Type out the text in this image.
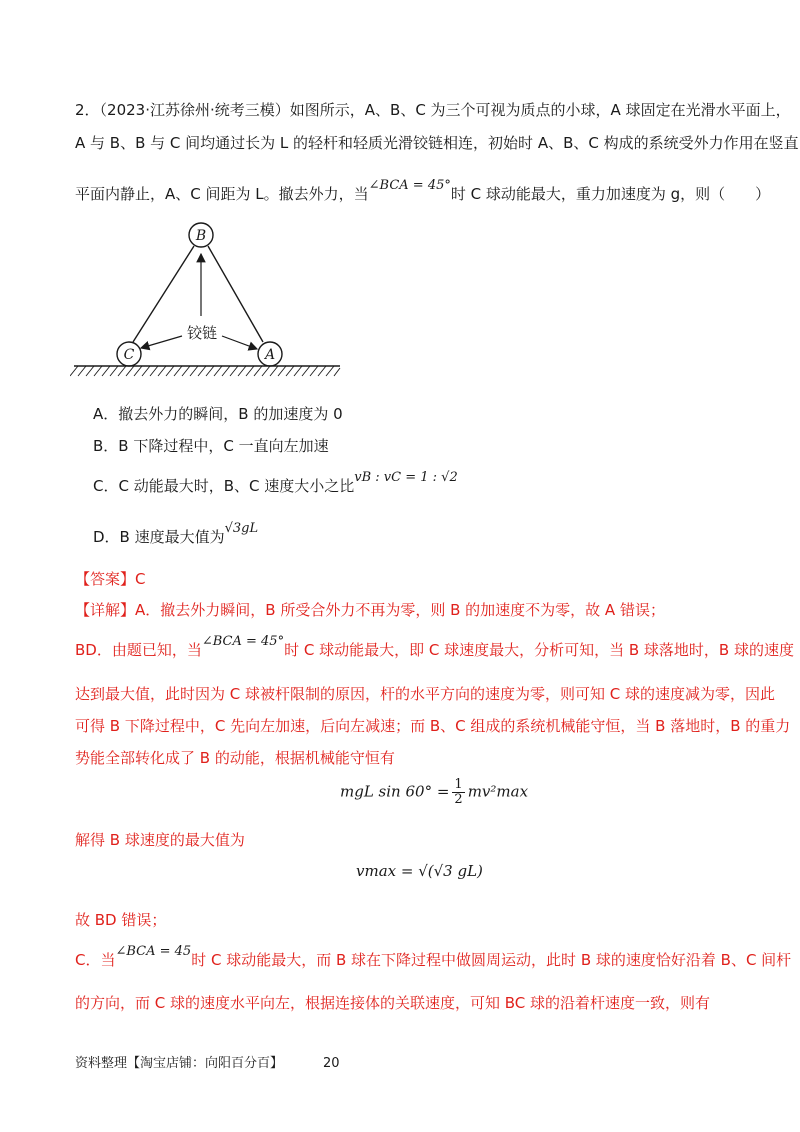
2．（2023·江苏徐州·统考三模）如图所示，A、B、C 为三个可视为质点的小球，A 球固定在光滑水平面上，
A 与 B、B 与 C 间均通过长为 L 的轻杆和轻质光滑铰链相连，初始时 A、B、C 构成的系统受外力作用在竖直
平面内静止，A、C 间距为 L。撤去外力，当∠BCA = 45°时 C 球动能最大，重力加速度为 g，则（　　）
B
C	A
铰链
A．撤去外力的瞬间，B 的加速度为 0
B．B 下降过程中，C 一直向左加速
C．C 动能最大时，B、C 速度大小之比vB : vC = 1 : √2
D．B 速度最大值为√3gL
【答案】C
【详解】A．撤去外力瞬间，B 所受合外力不再为零，则 B 的加速度不为零，故 A 错误；
BD．由题已知，当∠BCA = 45°时 C 球动能最大，即 C 球速度最大，分析可知，当 B 球落地时，B 球的速度
达到最大值，此时因为 C 球被杆限制的原因，杆的水平方向的速度为零，则可知 C 球的速度减为零，因此
可得 B 下降过程中，C 先向左加速，后向左减速；而 B、C 组成的系统机械能守恒，当 B 落地时，B 的重力
势能全部转化成了 B 的动能，根据机械能守恒有
mgL $\sin 60^\circ = \frac{1}{2} mv^2\max$
解得 B 球速度的最大值为
vmax = √(√3 gL)
故 BD 错误；
C．当∠BCA = 45时 C 球动能最大，而 B 球在下降过程中做圆周运动，此时 B 球的速度恰好沿着 B、C 间杆
的方向，而 C 球的速度水平向左，根据连接体的关联速度，可知 BC 球的沿着杆速度一致，则有
资料整理【淘宝店铺：向阳百分百】	20
